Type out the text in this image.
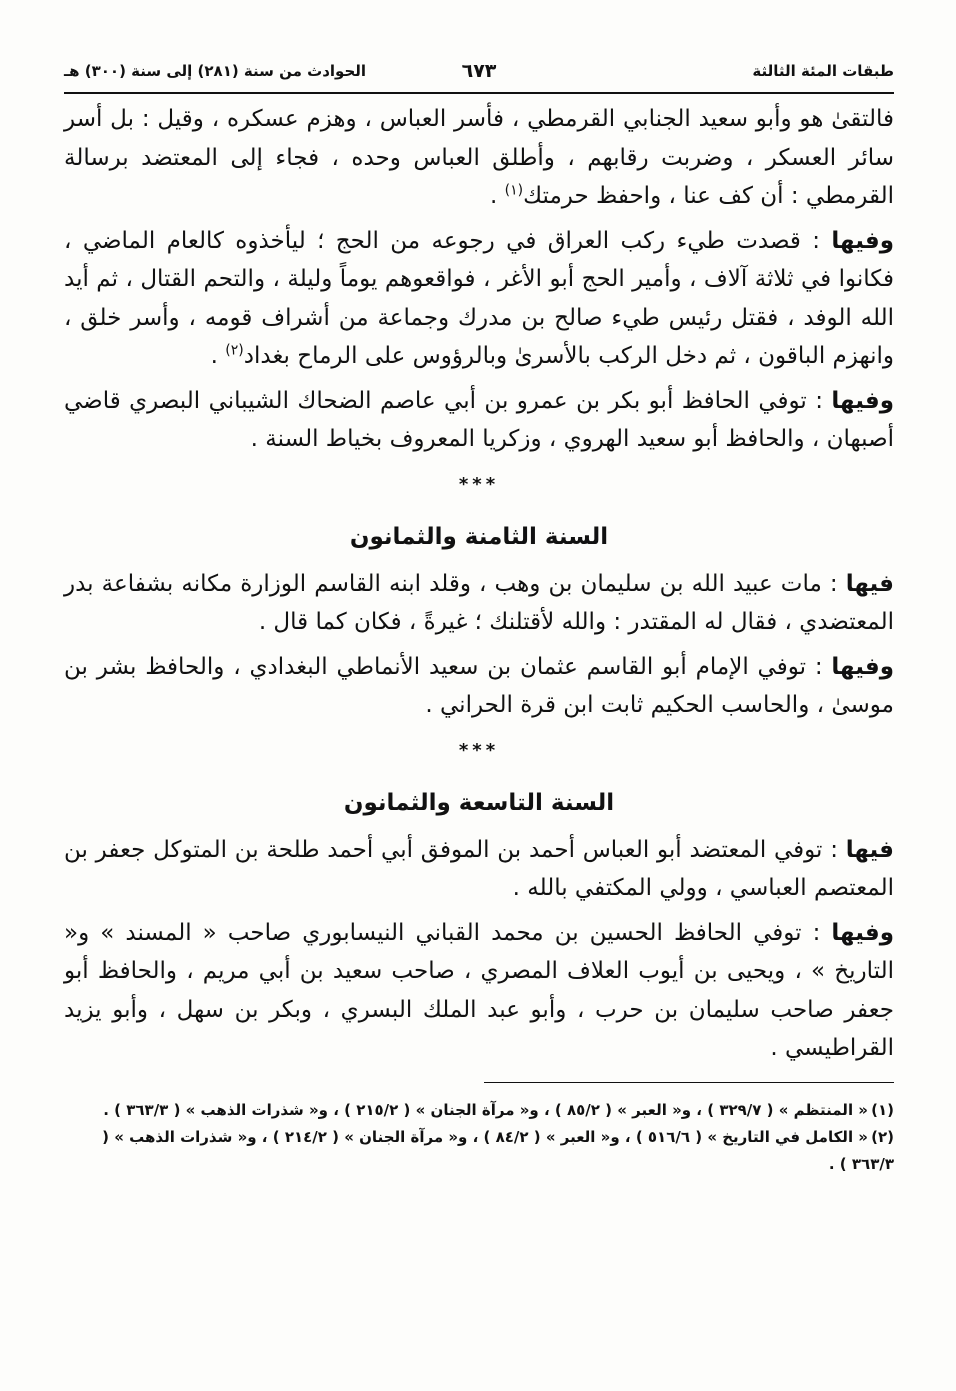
طبقات المئة الثالثة
٦٧٣
الحوادث من سنة (٢٨١) إلى سنة (٣٠٠) هـ

فالتقىٰ هو وأبو سعيد الجنابي القرمطي ، فأسر العباس ، وهزم عسكره ، وقيل : بل أسر سائر العسكر ، وضربت رقابهم ، وأطلق العباس وحده ، فجاء إلى المعتضد برسالة القرمطي : أن كف عنا ، واحفظ حرمتك$^{(١)}$ .

وفيها : قصدت طيء ركب العراق في رجوعه من الحج ؛ ليأخذوه كالعام الماضي ، فكانوا في ثلاثة آلاف ، وأمير الحج أبو الأغر ، فواقعوهم يوماً وليلة ، والتحم القتال ، ثم أيد الله الوفد ، فقتل رئيس طيء صالح بن مدرك وجماعة من أشراف قومه ، وأسر خلق ، وانهزم الباقون ، ثم دخل الركب بالأسرىٰ وبالرؤوس على الرماح بغداد$^{(٢)}$ .

وفيها : توفي الحافظ أبو بكر بن عمرو بن أبي عاصم الضحاك الشيباني البصري قاضي أصبهان ، والحافظ أبو سعيد الهروي ، وزكريا المعروف بخياط السنة .

***
السنة الثامنة والثمانون

فيها : مات عبيد الله بن سليمان بن وهب ، وقلد ابنه القاسم الوزارة مكانه بشفاعة بدر المعتضدي ، فقال له المقتدر : والله لأقتلنك ؛ غيرةً ، فكان كما قال .

وفيها : توفي الإمام أبو القاسم عثمان بن سعيد الأنماطي البغدادي ، والحافظ بشر بن موسىٰ ، والحاسب الحكيم ثابت ابن قرة الحراني .

***
السنة التاسعة والثمانون

فيها : توفي المعتضد أبو العباس أحمد بن الموفق أبي أحمد طلحة بن المتوكل جعفر بن المعتصم العباسي ، وولي المكتفي بالله .

وفيها : توفي الحافظ الحسين بن محمد القباني النيسابوري صاحب « المسند » و« التاريخ » ، ويحيى بن أيوب العلاف المصري ، صاحب سعيد بن أبي مريم ، والحافظ أبو جعفر صاحب سليمان بن حرب ، وأبو عبد الملك البسري ، وبكر بن سهل ، وأبو يزيد القراطيسي .

(١)« المنتظم » ( ٣٢٩/٧ ) ، و« العبر » ( ٨٥/٢ ) ، و« مرآة الجنان » ( ٢١٥/٢ ) ، و« شذرات الذهب » ( ٣٦٣/٣ ) .

(٢)« الكامل في التاريخ » ( ٥١٦/٦ ) ، و« العبر » ( ٨٤/٢ ) ، و« مرآة الجنان » ( ٢١٤/٢ ) ، و« شذرات الذهب » ( ٣٦٣/٣ ) .
